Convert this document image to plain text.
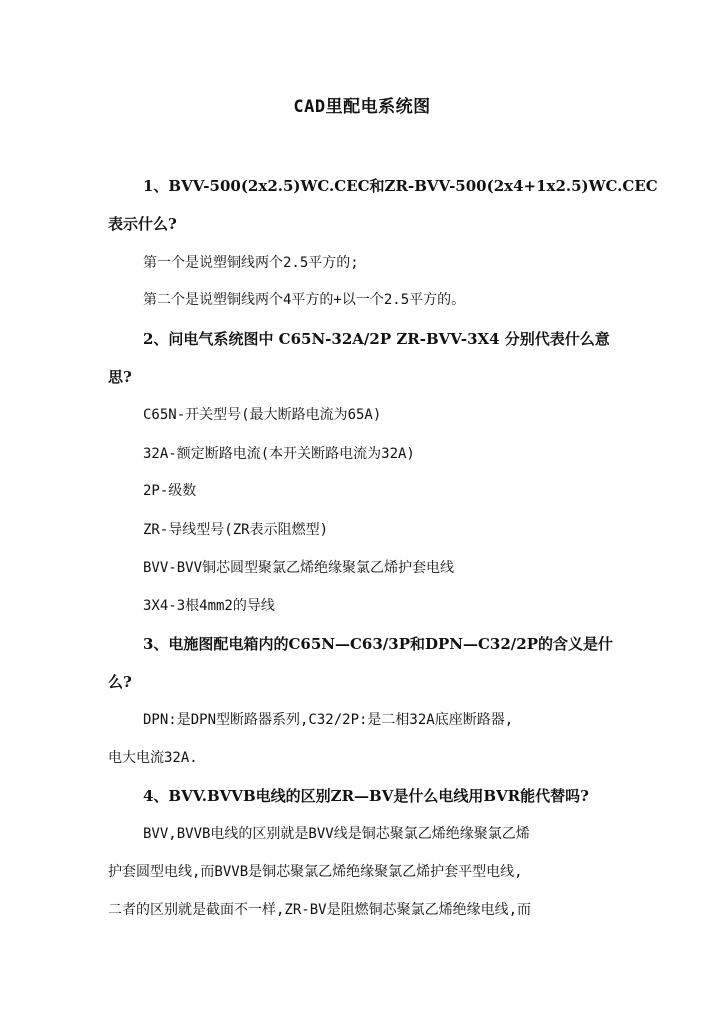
CAD里配电系统图
1、BVV-500(2x2.5)WC.CEC和ZR-BVV-500(2x4+1x2.5)WC.CEC
表示什么?
第一个是说塑铜线两个2.5平方的;
第二个是说塑铜线两个4平方的+以一个2.5平方的。
2、问电气系统图中 C65N-32A/2P ZR-BVV-3X4 分别代表什么意
思?
C65N-开关型号(最大断路电流为65A)
32A-额定断路电流(本开关断路电流为32A)
2P-级数
ZR-导线型号(ZR表示阻燃型)
BVV-BVV铜芯圆型聚氯乙烯绝缘聚氯乙烯护套电线
3X4-3根4mm2的导线
3、电施图配电箱内的C65N—C63/3P和DPN—C32/2P的含义是什
么?
DPN:是DPN型断路器系列,C32/2P:是二相32A底座断路器,
电大电流32A.
4、BVV.BVVB电线的区别ZR—BV是什么电线用BVR能代替吗?
BVV,BVVB电线的区别就是BVV线是铜芯聚氯乙烯绝缘聚氯乙烯
护套圆型电线,而BVVB是铜芯聚氯乙烯绝缘聚氯乙烯护套平型电线,
二者的区别就是截面不一样,ZR-BV是阻燃铜芯聚氯乙烯绝缘电线,而
